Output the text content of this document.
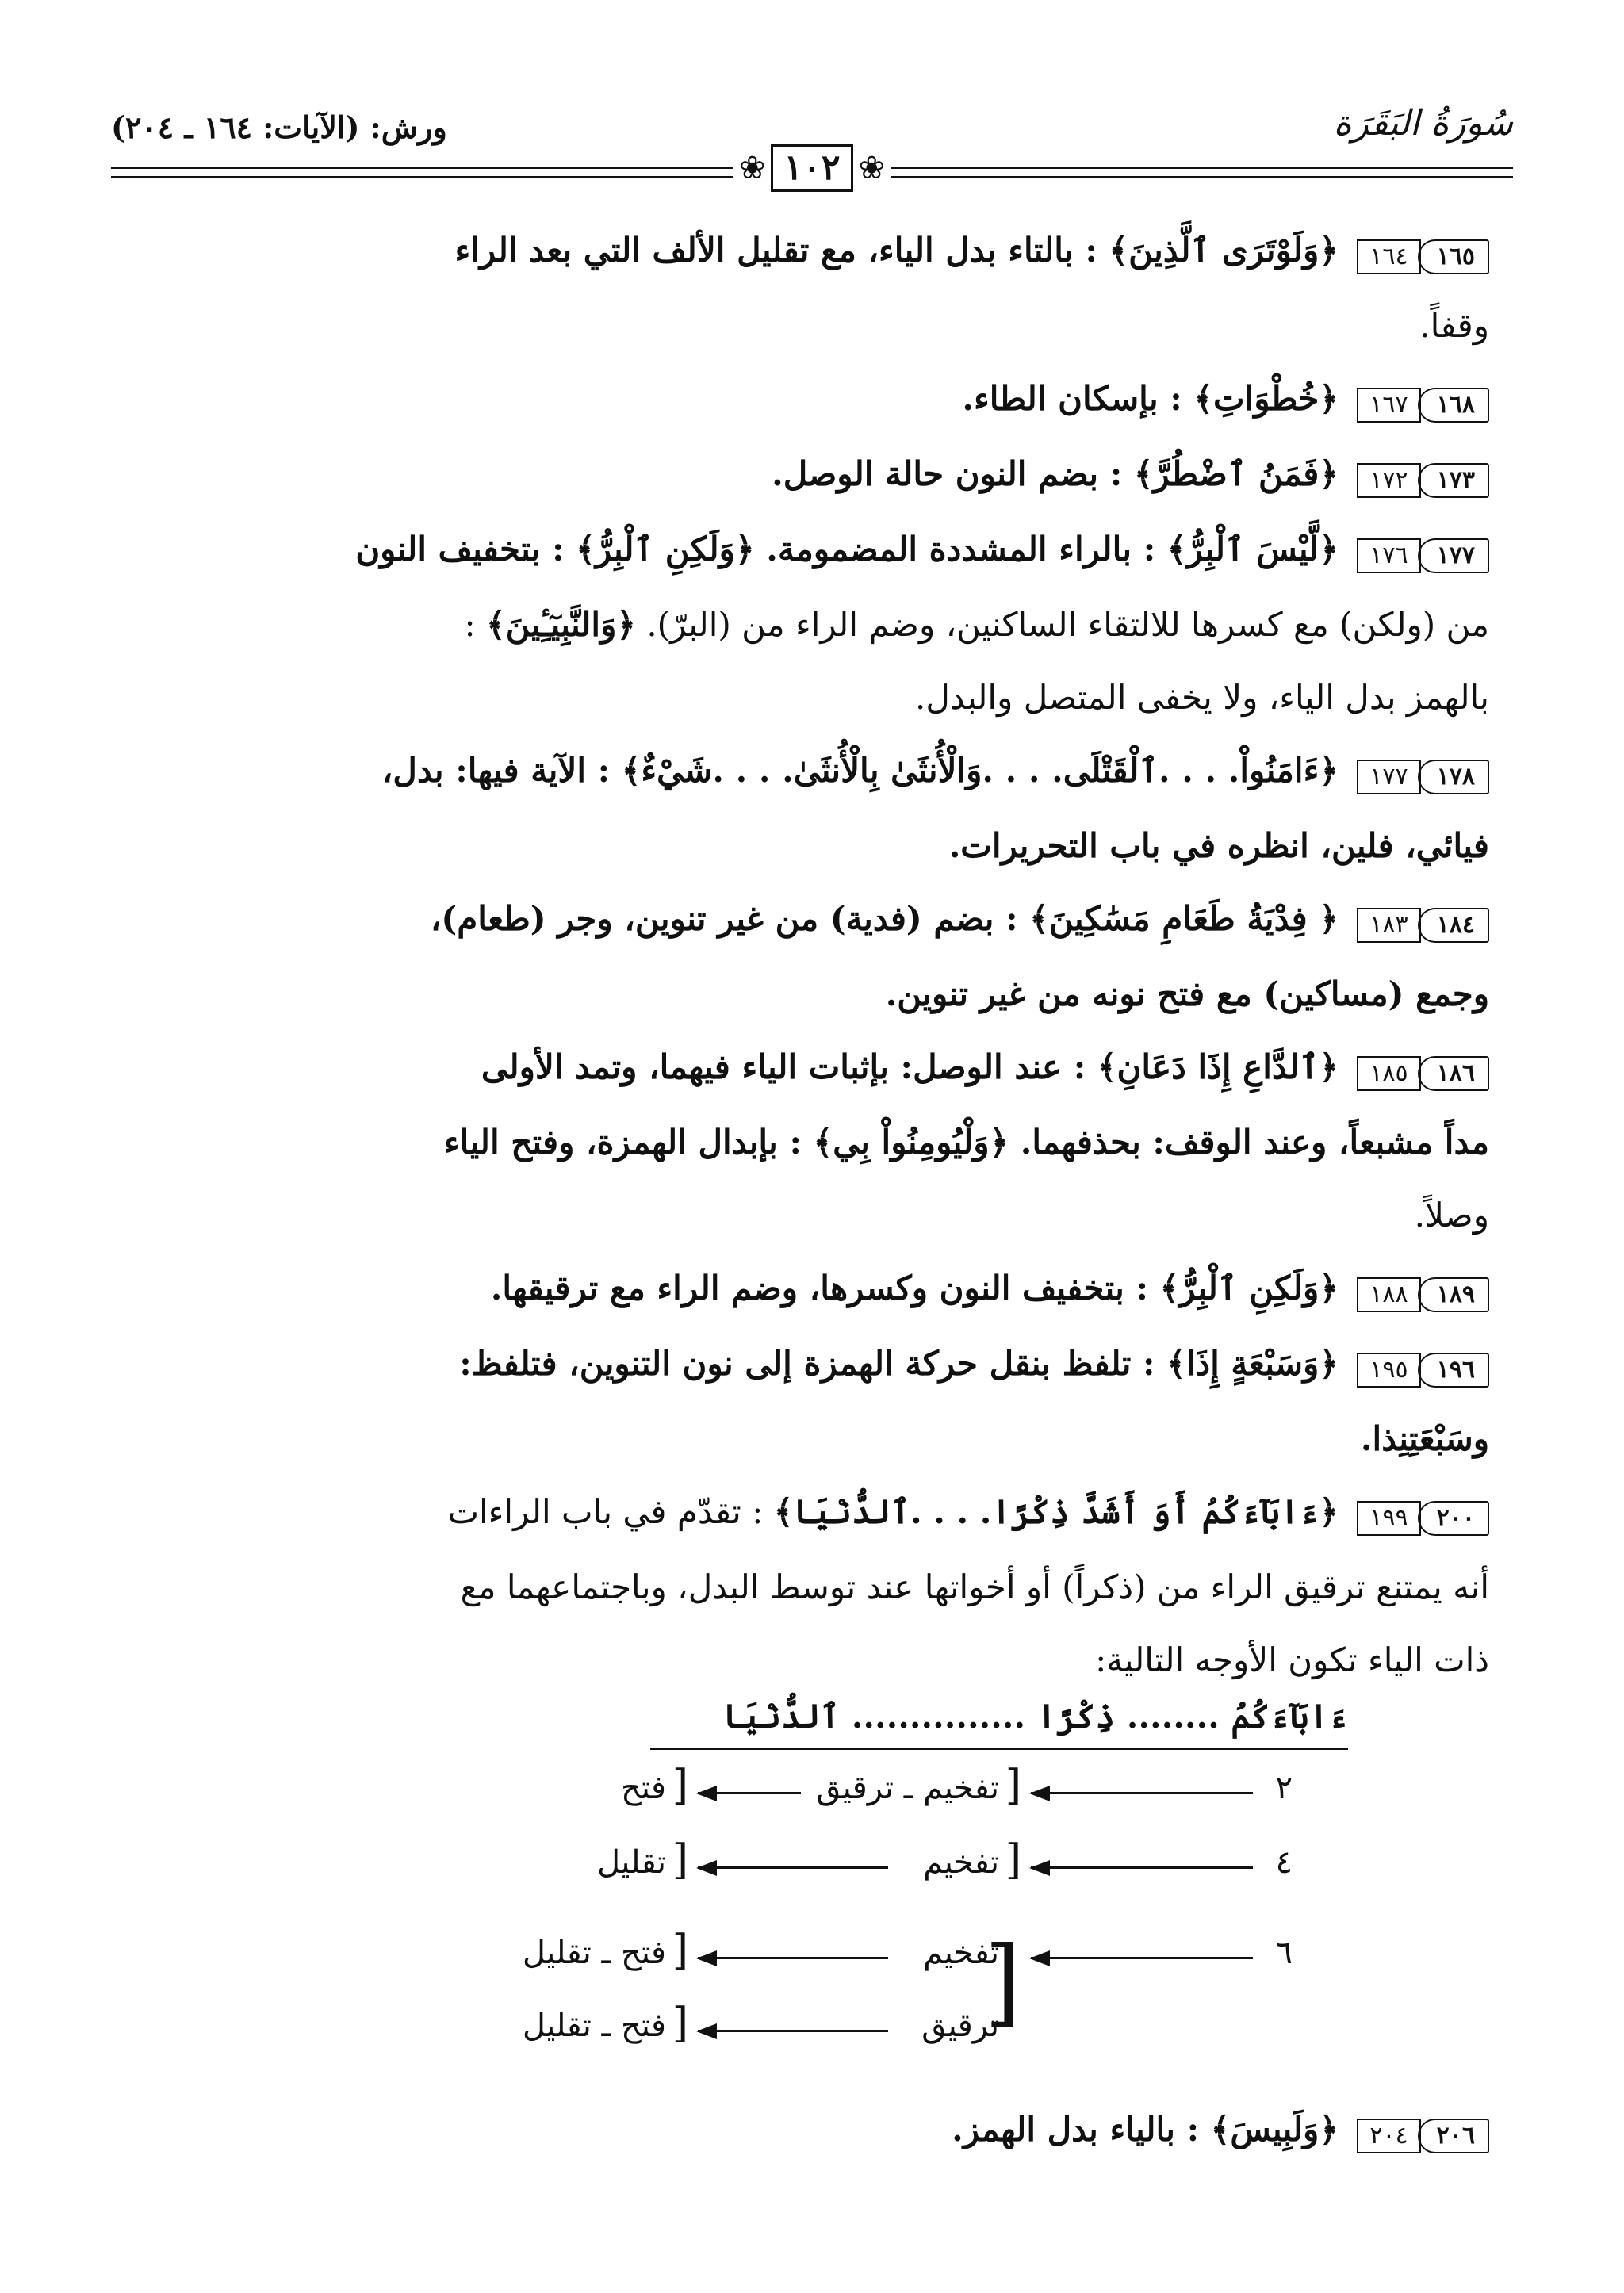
سُورَةُ البَقَرَة
ورش: (الآيات: ١٦٤ ـ ٢٠٤)
❀ ١٠٢ ❀

١٦٥١٦٤ ﴿وَلَوْتَرَى ٱلَّذِينَ﴾ : بالتاء بدل الياء، مع تقليل الألف التي بعد الراء
وقفاً.

١٦٨١٦٧ ﴿خُطْوَاتِ﴾ : بإسكان الطاء.

١٧٣١٧٢ ﴿فَمَنُ ٱضْطُرَّ﴾ : بضم النون حالة الوصل.

١٧٧١٧٦ ﴿لَّيْسَ ٱلْبِرُّ﴾ : بالراء المشددة المضمومة. ﴿وَلَكِنِ ٱلْبِرُّ﴾ : بتخفيف النون
من (ولكن) مع كسرها للالتقاء الساكنين، وضم الراء من (البرّ). ﴿وَالنَّبِيٓـِٔينَ﴾ :
بالهمز بدل الياء، ولا يخفى المتصل والبدل.

١٧٨١٧٧ ﴿ءَامَنُواْ. . . .ٱلْقَتْلَى. . . .وَالْأُنثَىٰ بِالْأُنثَىٰ. . . .شَيْءٌ﴾ : الآية فيها: بدل،
فيائي، فلين، انظره في باب التحريرات.

١٨٤١٨٣ ﴿ فِدْيَةُ طَعَامِ مَسَٰكِينَ﴾ : بضم (فدية) من غير تنوين، وجر (طعام)،
وجمع (مساكين) مع فتح نونه من غير تنوين.

١٨٦١٨٥ ﴿ٱلدَّاعِ إِذَا دَعَانِ﴾ : عند الوصل: بإثبات الياء فيهما، وتمد الأولى
مداً مشبعاً، وعند الوقف: بحذفهما. ﴿وَلْيُومِنُواْ بِي﴾ : بإبدال الهمزة، وفتح الياء
وصلاً.

١٨٩١٨٨ ﴿وَلَكِنِ ٱلْبِرُّ﴾ : بتخفيف النون وكسرها، وضم الراء مع ترقيقها.

١٩٦١٩٥ ﴿وَسَبْعَةٍ إِذَا﴾ : تلفظ بنقل حركة الهمزة إلى نون التنوين، فتلفظ:
وسَبْعَتِنِذا.

٢٠٠١٩٩ ﴿ءَابَآءَكُمُ أَوَ أَشَدَّ ذِكْرًا. . . .ٱلدُّنْيَا﴾ : تقدّم في باب الراءات
أنه يمتنع ترقيق الراء من (ذكراً) أو أخواتها عند توسط البدل، وباجتماعهما مع
ذات الياء تكون الأوجه التالية:

ءَابَآءَكُمُ ........ ذِكْرًا ............... ٱلدُّنْيَا
٢
[
تفخيم ـ ترقيق
[
فتح
٤
[
تفخيم
[
تقليل
٦
[
تفخيم
[
فتح ـ تقليل
ترقيق
[
فتح ـ تقليل

٢٠٦٢٠٤ ﴿وَلَبِيسَ﴾ : بالياء بدل الهمز.
